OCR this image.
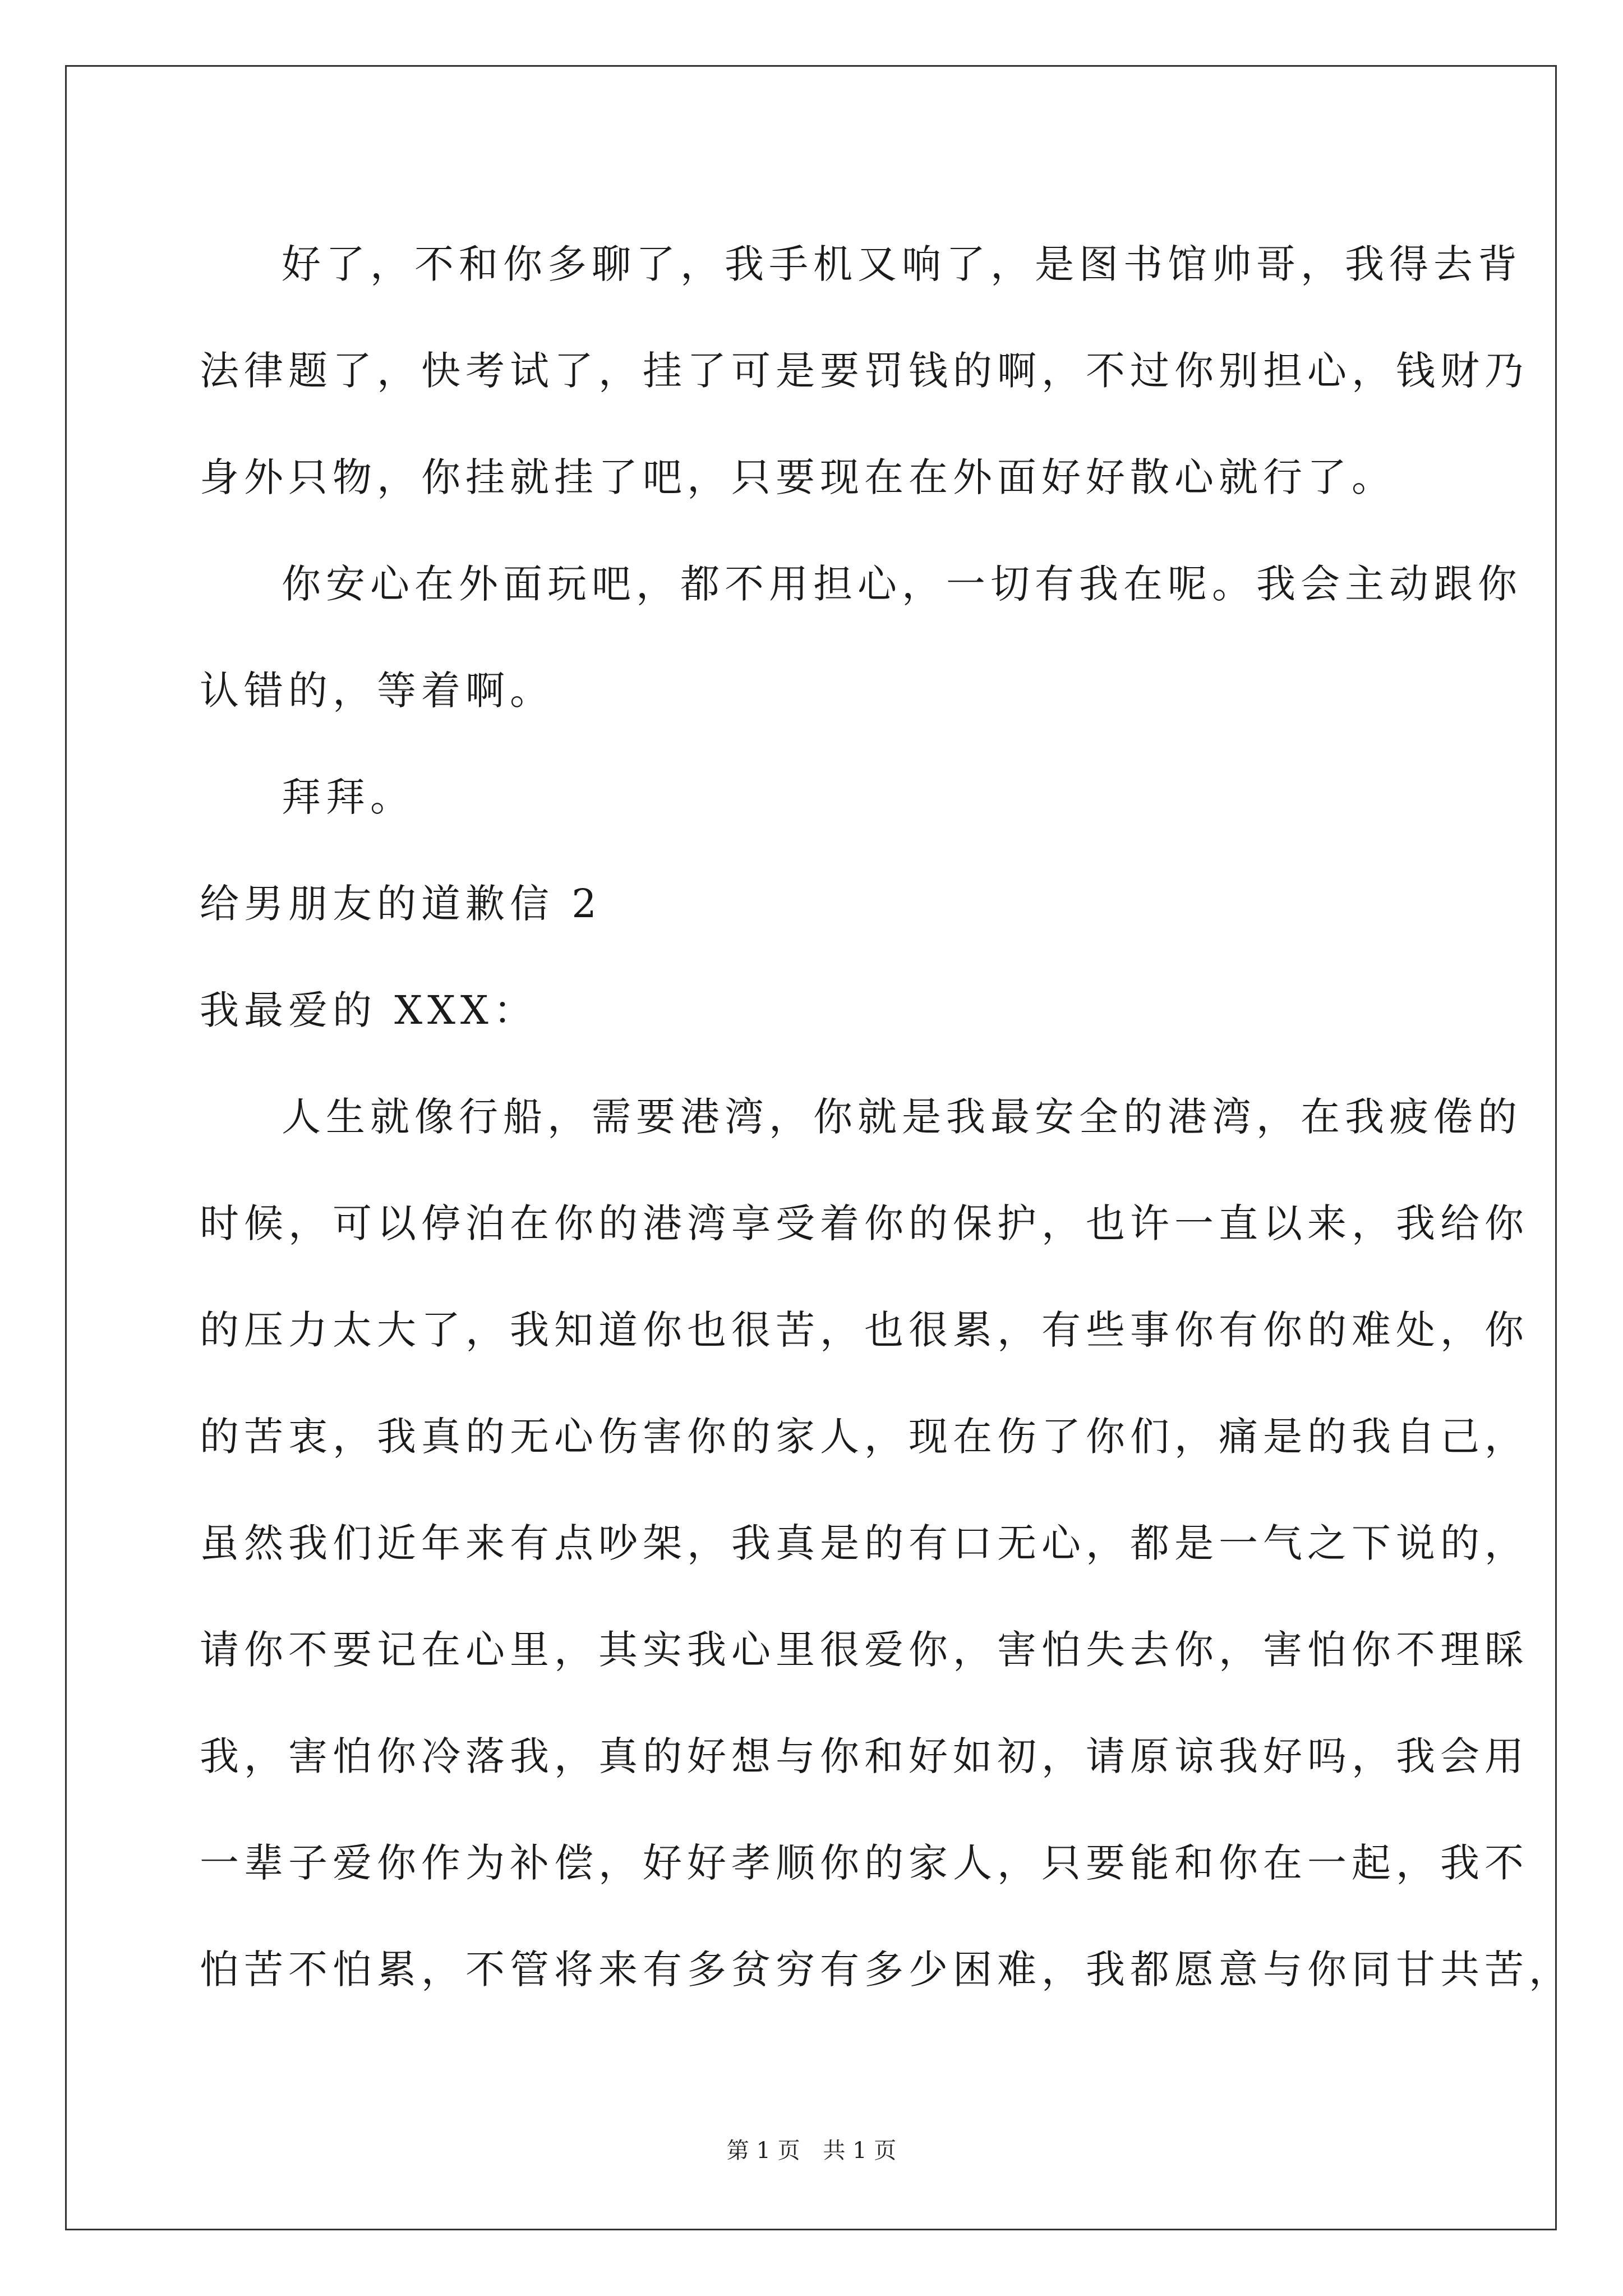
好了，不和你多聊了，我手机又响了，是图书馆帅哥，我得去背
法律题了，快考试了，挂了可是要罚钱的啊，不过你别担心，钱财乃
身外只物，你挂就挂了吧，只要现在在外面好好散心就行了。
你安心在外面玩吧，都不用担心，一切有我在呢。我会主动跟你
认错的，等着啊。
拜拜。
给男朋友的道歉信 2
我最爱的 XXX：
人生就像行船，需要港湾，你就是我最安全的港湾，在我疲倦的
时候，可以停泊在你的港湾享受着你的保护，也许一直以来，我给你
的压力太大了，我知道你也很苦，也很累，有些事你有你的难处，你
的苦衷，我真的无心伤害你的家人，现在伤了你们，痛是的我自己，
虽然我们近年来有点吵架，我真是的有口无心，都是一气之下说的，
请你不要记在心里，其实我心里很爱你，害怕失去你，害怕你不理睬
我，害怕你冷落我，真的好想与你和好如初，请原谅我好吗，我会用
一辈子爱你作为补偿，好好孝顺你的家人，只要能和你在一起，我不
怕苦不怕累，不管将来有多贫穷有多少困难，我都愿意与你同甘共苦，
第 1 页 共 1 页
